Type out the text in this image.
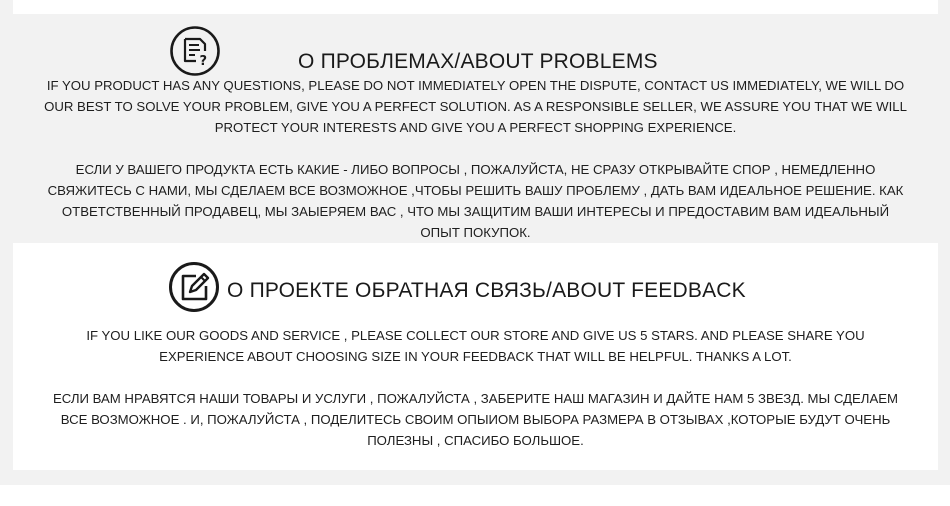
?	О ПРОБЛЕМАХ/ABOUT PROBLEMS
IF YOU PRODUCT HAS ANY QUESTIONS, PLEASE DO NOT IMMEDIATELY OPEN THE DISPUTE, CONTACT US IMMEDIATELY, WE WILL DO OUR BEST TO SOLVE YOUR PROBLEM, GIVE YOU A PERFECT SOLUTION. AS A RESPONSIBLE SELLER, WE ASSURE YOU THAT WE WILL PROTECT YOUR INTERESTS AND GIVE YOU A PERFECT SHOPPING EXPERIENCE.
ЕСЛИ У ВАШЕГО ПРОДУКТА ЕСТЬ КАКИЕ - ЛИБО ВОПРОСЫ , ПОЖАЛУЙСТА, НЕ СРАЗУ ОТКРЫВАЙТЕ СПОР , НЕМЕДЛЕННО СВЯЖИТЕСЬ С НАМИ, МЫ СДЕЛАЕМ ВСЕ ВОЗМОЖНОЕ ,ЧТОБЫ РЕШИТЬ ВАШУ ПРОБЛЕМУ , ДАТЬ ВАМ ИДЕАЛЬНОЕ РЕШЕНИЕ. КАК ОТВЕТСТВЕННЫЙ ПРОДАВЕЦ, МЫ ЗАЫЕРЯЕМ ВАС , ЧТО МЫ ЗАЩИТИМ ВАШИ ИНТЕРЕСЫ И ПРЕДОСТАВИМ ВАМ ИДЕАЛЬНЫЙ ОПЫТ ПОКУПОК.
О ПРОЕКТЕ ОБРАТНАЯ СВЯЗЬ/ABOUT FEEDBACK
IF YOU LIKE OUR GOODS AND SERVICE , PLEASE COLLECT OUR STORE AND GIVE US 5 STARS. AND PLEASE SHARE YOU EXPERIENCE ABOUT CHOOSING SIZE IN YOUR FEEDBACK THAT WILL BE HELPFUL. THANKS A LOT.
ЕСЛИ ВАМ НРАВЯТСЯ НАШИ ТОВАРЫ И УСЛУГИ , ПОЖАЛУЙСТА , ЗАБЕРИТЕ НАШ МАГАЗИН И ДАЙТЕ НАМ 5 ЗВЕЗД. МЫ СДЕЛАЕМ ВСЕ ВОЗМОЖНОЕ . И, ПОЖАЛУЙСТА , ПОДЕЛИТЕСЬ СВОИМ ОПЫИОМ ВЫБОРА РАЗМЕРА В ОТЗЫВАХ ,КОТОРЫЕ БУДУТ ОЧЕНЬ ПОЛЕЗНЫ , СПАСИБО БОЛЬШОЕ.
